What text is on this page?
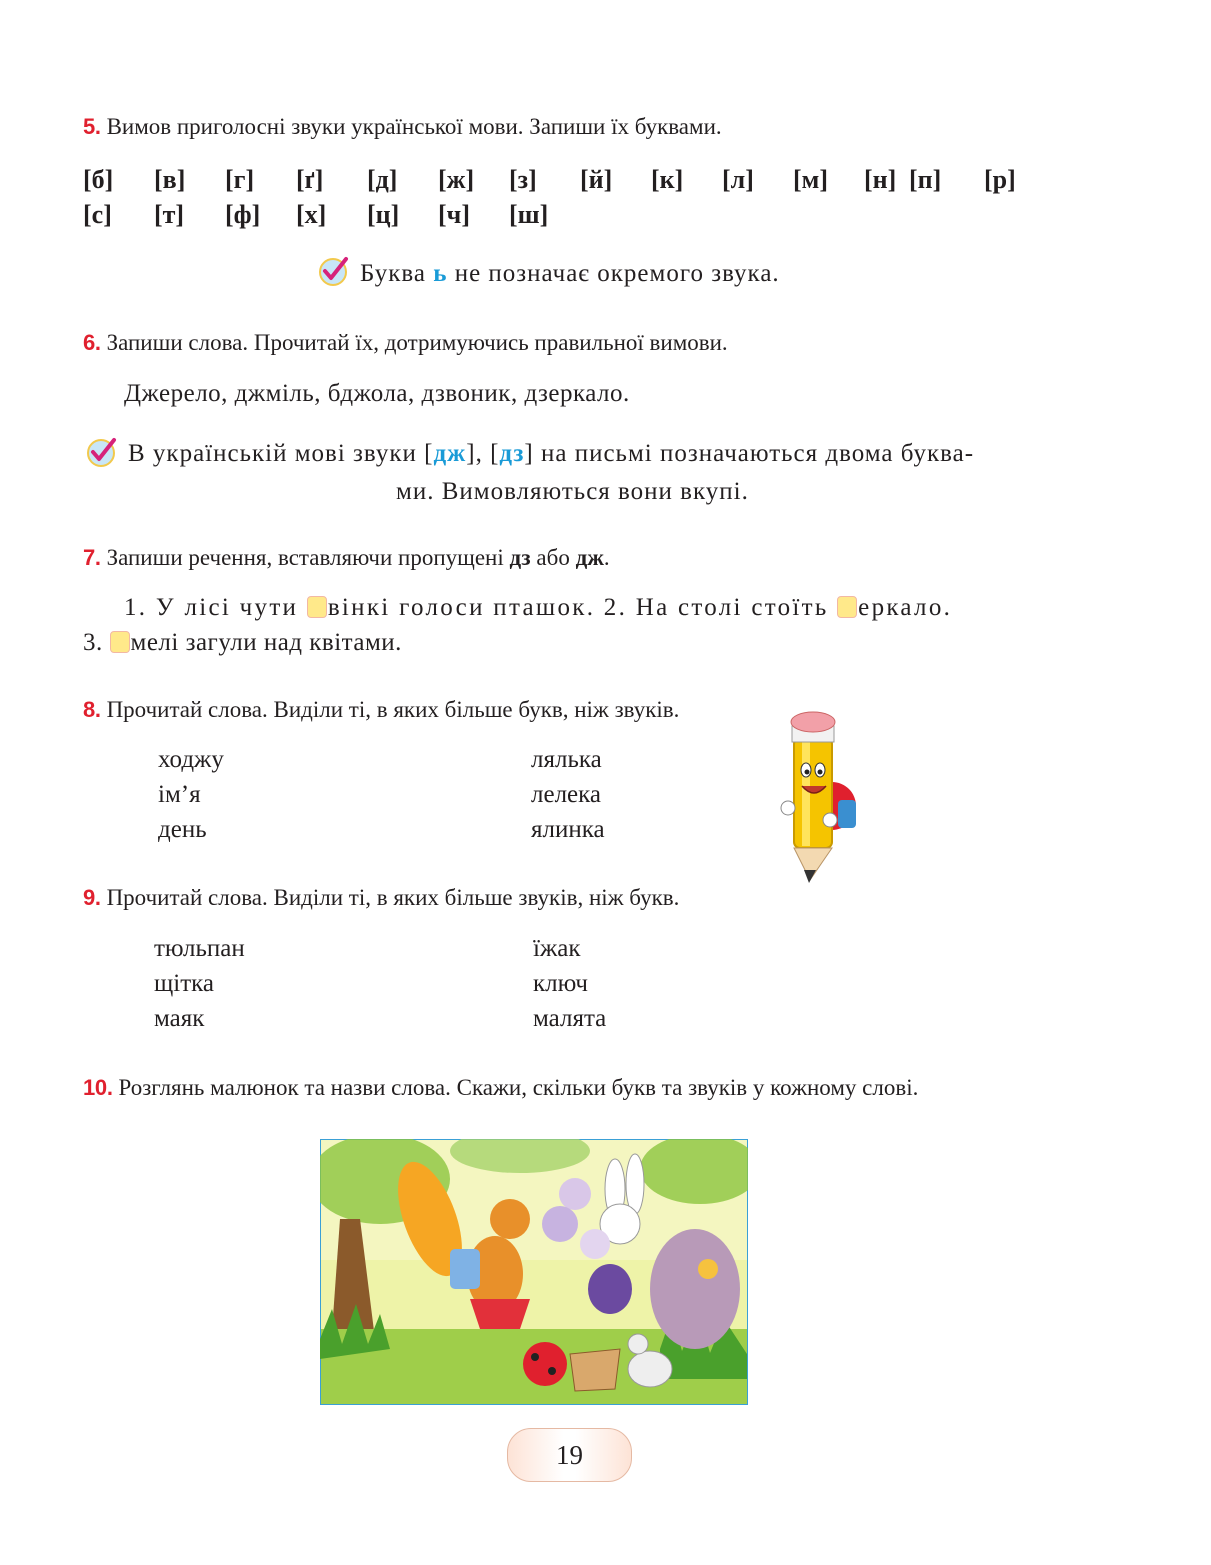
5. Вимов приголосні звуки української мови. Запиши їх буквами.
[б] [в] [г] [ґ] [д] [ж] [з] [й] [к] [л] [м] [н] [п] [р]
[с] [т] [ф] [х] [ц] [ч] [ш]
Буква ь не позначає окремого звука.
6. Запиши слова. Прочитай їх, дотримуючись правильної вимови.
Джерело, джміль, бджола, дзвоник, дзеркало.
В українській мові звуки [дж], [дз] на письмі позначаються двома буква-
ми. Вимовляються вони вкупі.
7. Запиши речення, вставляючи пропущені дз або дж.
1. У лісі чути вінкі голоси пташок. 2. На столі стоїть еркало.
3. мелі загули над квітами.
8. Прочитай слова. Виділи ті, в яких більше букв, ніж звуків.
ходжу
ім’я
день
лялька
лелека
ялинка
9. Прочитай слова. Виділи ті, в яких більше звуків, ніж букв.
тюльпан
щітка
маяк
їжак
ключ
малята
10. Розглянь малюнок та назви слова. Скажи, скільки букв та звуків у кожному слові.
19
